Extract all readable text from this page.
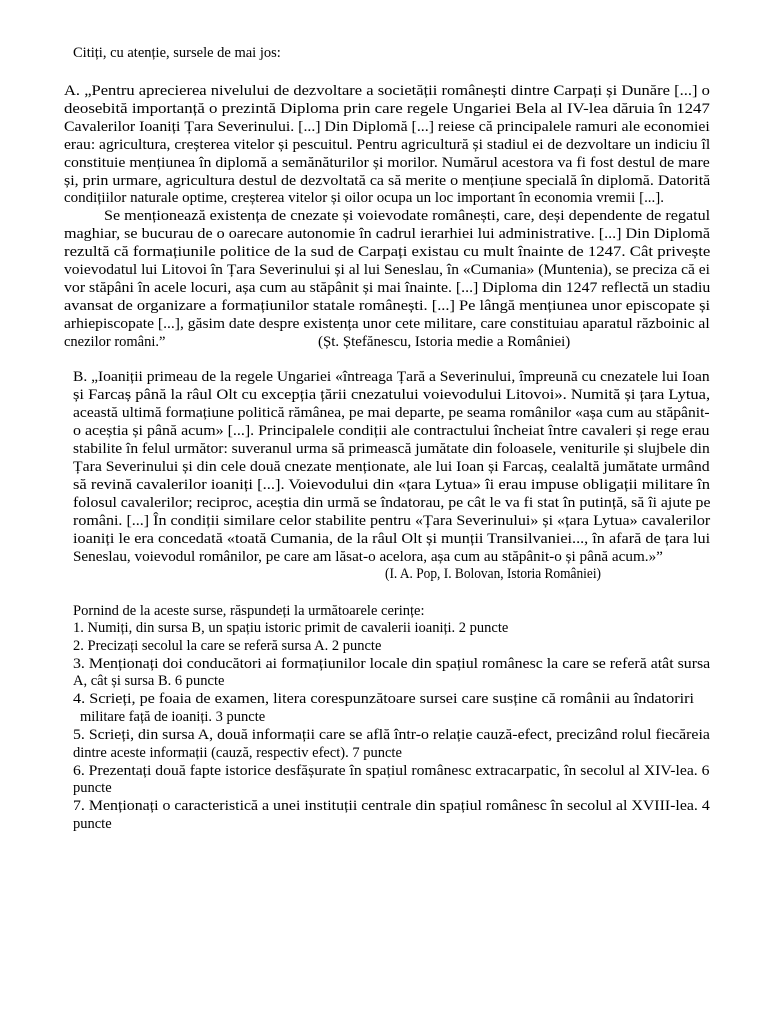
Citiți, cu atenție, sursele de mai jos:
A. „Pentru aprecierea nivelului de dezvoltare a societății românești dintre Carpați și Dunăre [...] o
deosebită importanță o prezintă Diploma prin care regele Ungariei Bela al IV-lea dăruia în 1247
Cavalerilor Ioaniți Țara Severinului. [...] Din Diplomă [...] reiese că principalele ramuri ale economiei
erau: agricultura, creșterea vitelor și pescuitul. Pentru agricultură și stadiul ei de dezvoltare un indiciu îl
constituie mențiunea în diplomă a semănăturilor și morilor. Numărul acestora va fi fost destul de mare
și, prin urmare, agricultura destul de dezvoltată ca să merite o mențiune specială în diplomă. Datorită
condițiilor naturale optime, creșterea vitelor și oilor ocupa un loc important în economia vremii [...].
Se menționează existența de cnezate și voievodate românești, care, deși dependente de regatul
maghiar, se bucurau de o oarecare autonomie în cadrul ierarhiei lui administrative. [...] Din Diplomă
rezultă că formațiunile politice de la sud de Carpați existau cu mult înainte de 1247. Cât privește
voievodatul lui Litovoi în Țara Severinului și al lui Seneslau, în «Cumania» (Muntenia), se preciza că ei
vor stăpâni în acele locuri, așa cum au stăpânit și mai înainte. [...] Diploma din 1247 reflectă un stadiu
avansat de organizare a formațiunilor statale românești. [...] Pe lângă mențiunea unor episcopate și
arhiepiscopate [...], găsim date despre existența unor cete militare, care constituiau aparatul războinic al
cnezilor români.”	(Șt. Ștefănescu, Istoria medie a României)
B. „Ioaniții primeau de la regele Ungariei «întreaga Țară a Severinului, împreună cu cnezatele lui Ioan
și Farcaș până la râul Olt cu excepția țării cnezatului voievodului Litovoi». Numită și țara Lytua,
această ultimă formațiune politică rămânea, pe mai departe, pe seama românilor «așa cum au stăpânit-
o aceștia și până acum» [...]. Principalele condiții ale contractului încheiat între cavaleri și rege erau
stabilite în felul următor: suveranul urma să primească jumătate din foloasele, veniturile și slujbele din
Țara Severinului și din cele două cnezate menționate, ale lui Ioan și Farcaș, cealaltă jumătate urmând
să revină cavalerilor ioaniți [...]. Voievodului din «țara Lytua» îi erau impuse obligații militare în
folosul cavalerilor; reciproc, aceștia din urmă se îndatorau, pe cât le va fi stat în putință, să îi ajute pe
români. [...] În condiții similare celor stabilite pentru «Țara Severinului» și «țara Lytua» cavalerilor
ioaniți le era concedată «toată Cumania, de la râul Olt și munții Transilvaniei..., în afară de țara lui
Seneslau, voievodul românilor, pe care am lăsat-o acelora, așa cum au stăpânit-o și până acum.»”
(I. A. Pop, I. Bolovan, Istoria României)
Pornind de la aceste surse, răspundeți la următoarele cerințe:
1. Numiți, din sursa B, un spațiu istoric primit de cavalerii ioaniți. 2 puncte
2. Precizați secolul la care se referă sursa A. 2 puncte
3. Menționați doi conducători ai formațiunilor locale din spațiul românesc la care se referă atât sursa
A, cât și sursa B. 6 puncte
4. Scrieți, pe foaia de examen, litera corespunzătoare sursei care susține că românii au îndatoriri
militare față de ioaniți. 3 puncte
5. Scrieți, din sursa A, două informații care se află într-o relație cauză-efect, precizând rolul fiecăreia
dintre aceste informații (cauză, respectiv efect). 7 puncte
6. Prezentați două fapte istorice desfășurate în spațiul românesc extracarpatic, în secolul al XIV-lea. 6
puncte
7. Menționați o caracteristică a unei instituții centrale din spațiul românesc în secolul al XVIII-lea. 4
puncte
